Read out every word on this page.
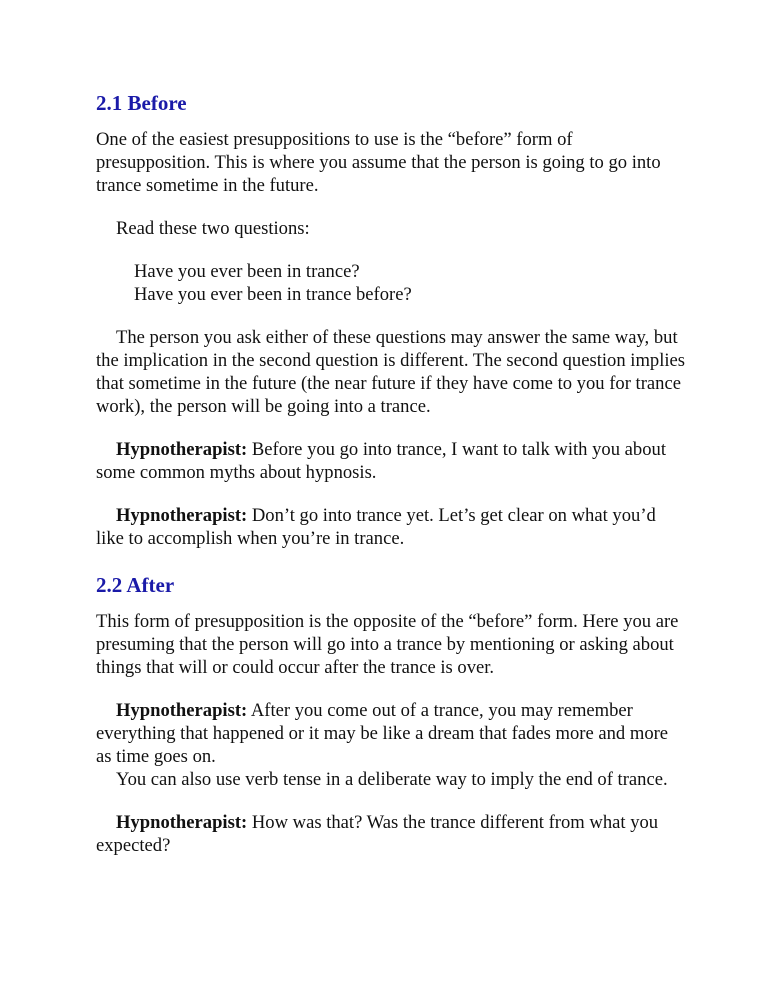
2.1 Before

One of the easiest presuppositions to use is the “before” form of presupposition. This is where you assume that the person is going to go into trance sometime in the future.

Read these two questions:

Have you ever been in trance?
Have you ever been in trance before?

The person you ask either of these questions may answer the same way, but the implication in the second question is different. The second question implies that sometime in the future (the near future if they have come to you for trance work), the person will be going into a trance.

Hypnotherapist: Before you go into trance, I want to talk with you about some common myths about hypnosis.

Hypnotherapist: Don’t go into trance yet. Let’s get clear on what you’d like to accomplish when you’re in trance.

2.2 After

This form of presupposition is the opposite of the “before” form. Here you are presuming that the person will go into a trance by mentioning or asking about things that will or could occur after the trance is over.

Hypnotherapist: After you come out of a trance, you may remember everything that happened or it may be like a dream that fades more and more as time goes on.

You can also use verb tense in a deliberate way to imply the end of trance.

Hypnotherapist: How was that? Was the trance different from what you expected?
